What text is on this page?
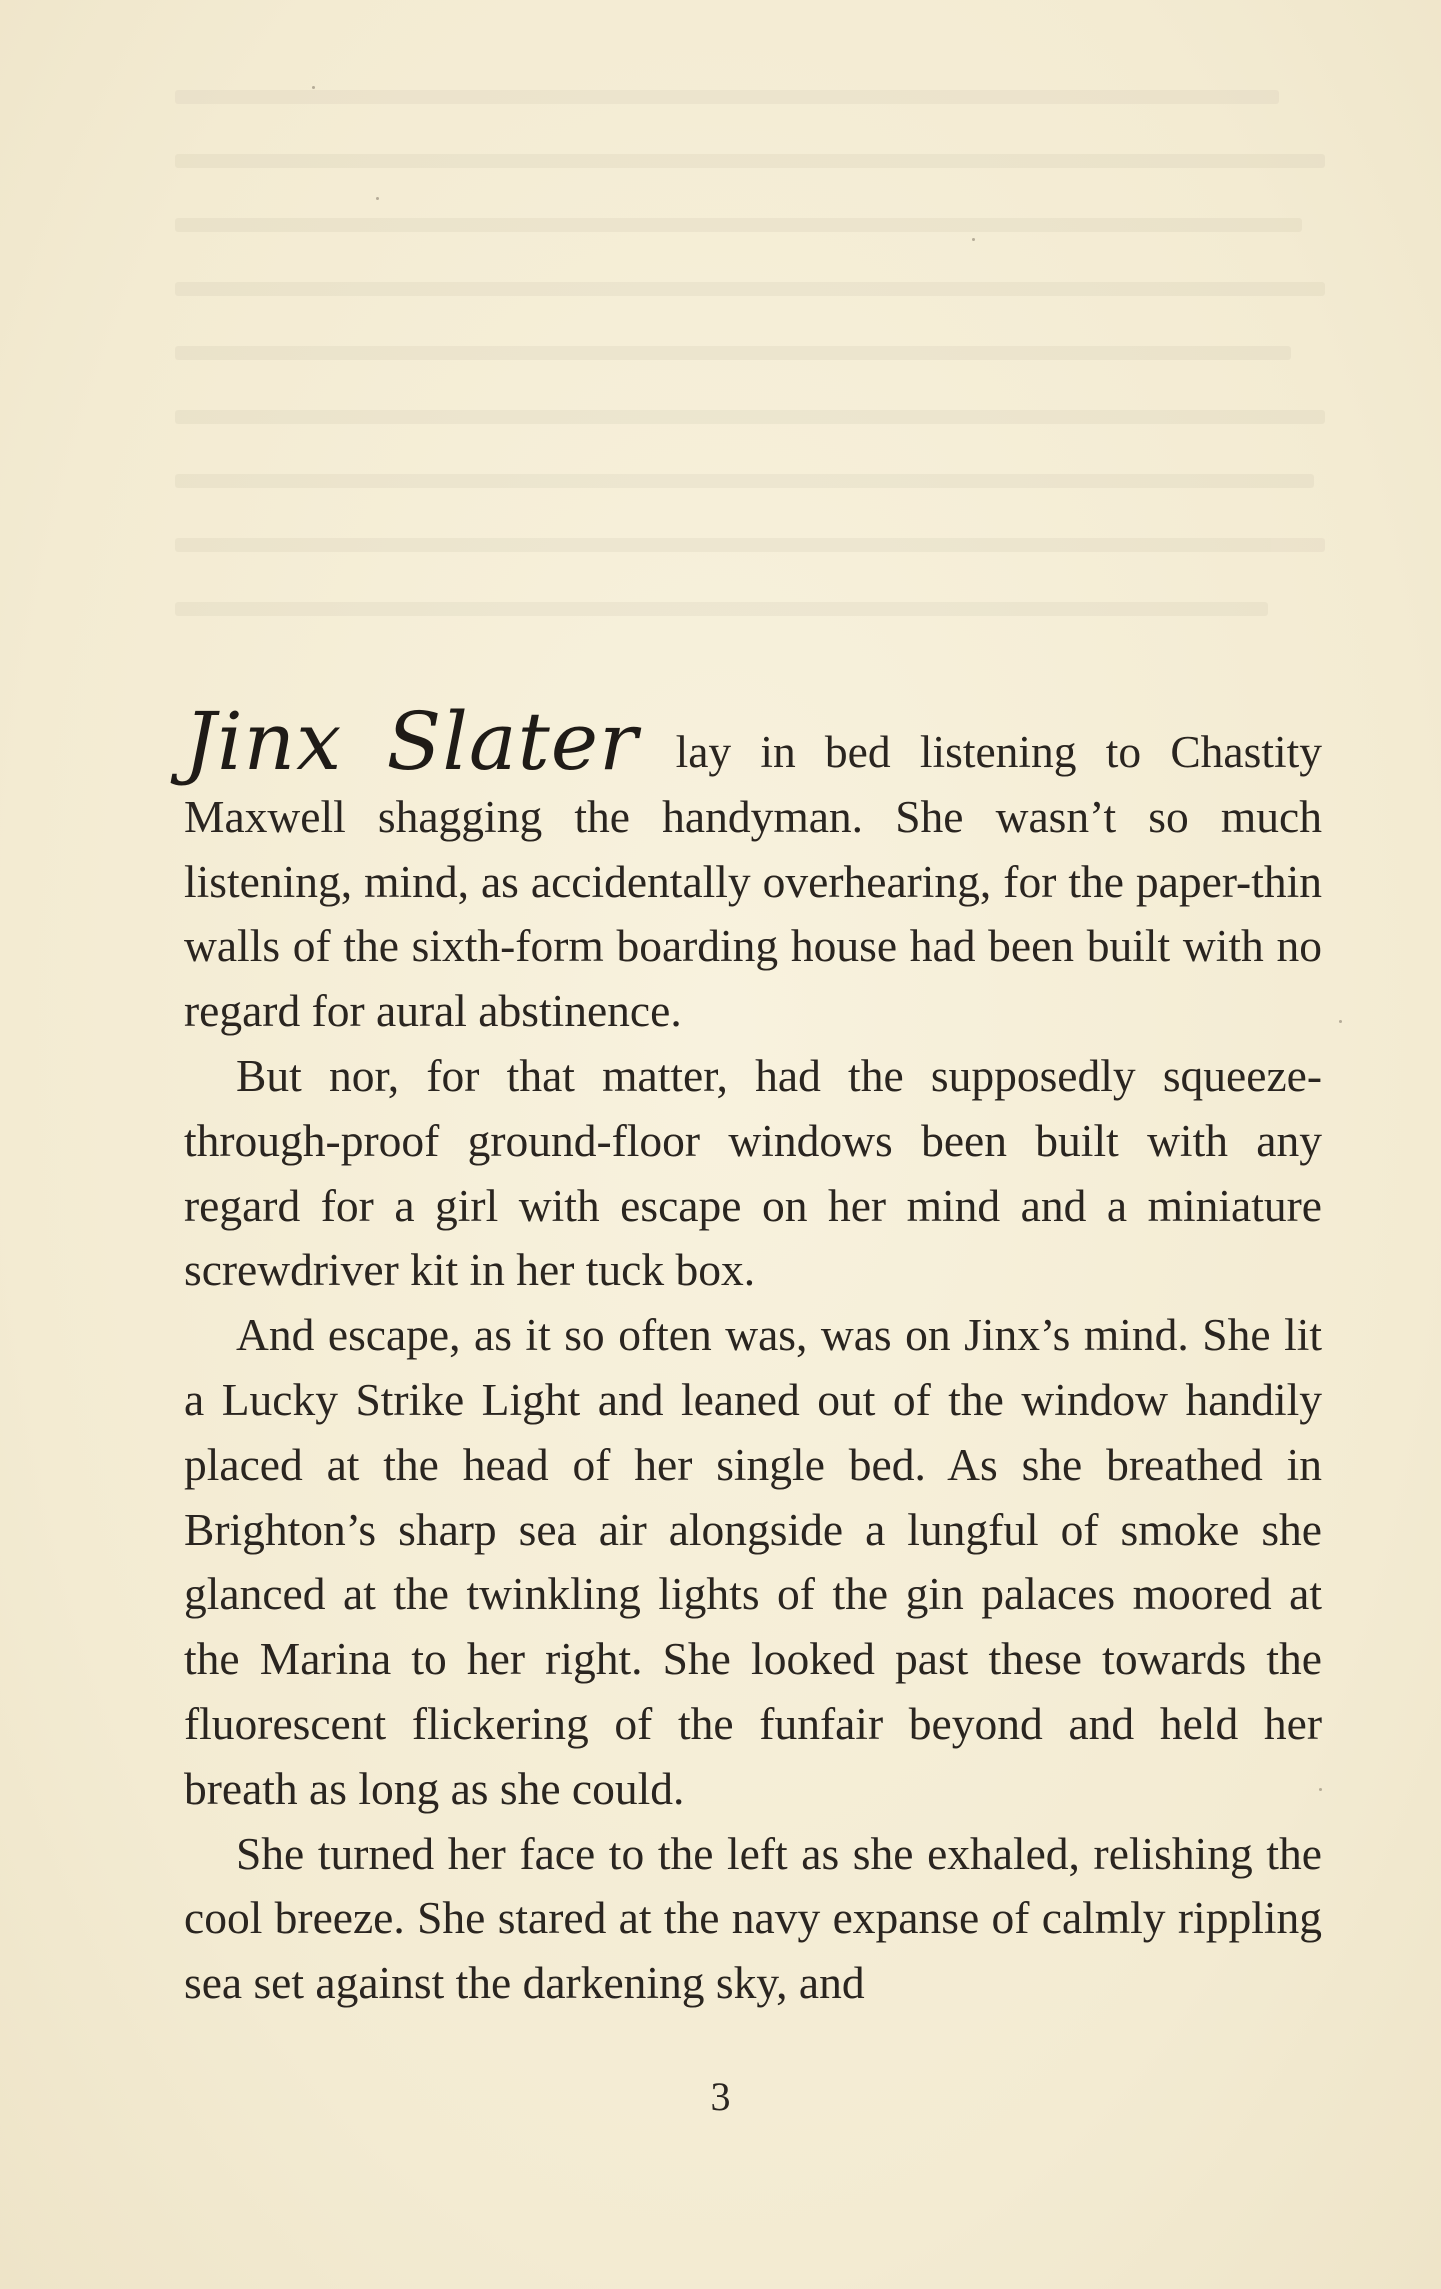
Jinx Slater lay in bed listening to Chastity Maxwell shagging the handyman. She wasn’t so much listening, mind, as accidentally overhearing, for the paper-thin walls of the sixth-form boarding house had been built with no regard for aural abstinence.

But nor, for that matter, had the supposedly squeeze-through-proof ground-floor windows been built with any regard for a girl with escape on her mind and a miniature screwdriver kit in her tuck box.

And escape, as it so often was, was on Jinx’s mind. She lit a Lucky Strike Light and leaned out of the window handily placed at the head of her single bed. As she breathed in Brighton’s sharp sea air alongside a lungful of smoke she glanced at the twinkling lights of the gin palaces moored at the Marina to her right. She looked past these towards the fluorescent flickering of the funfair beyond and held her breath as long as she could.

She turned her face to the left as she exhaled, relishing the cool breeze. She stared at the navy expanse of calmly rippling sea set against the darkening sky, and

3
